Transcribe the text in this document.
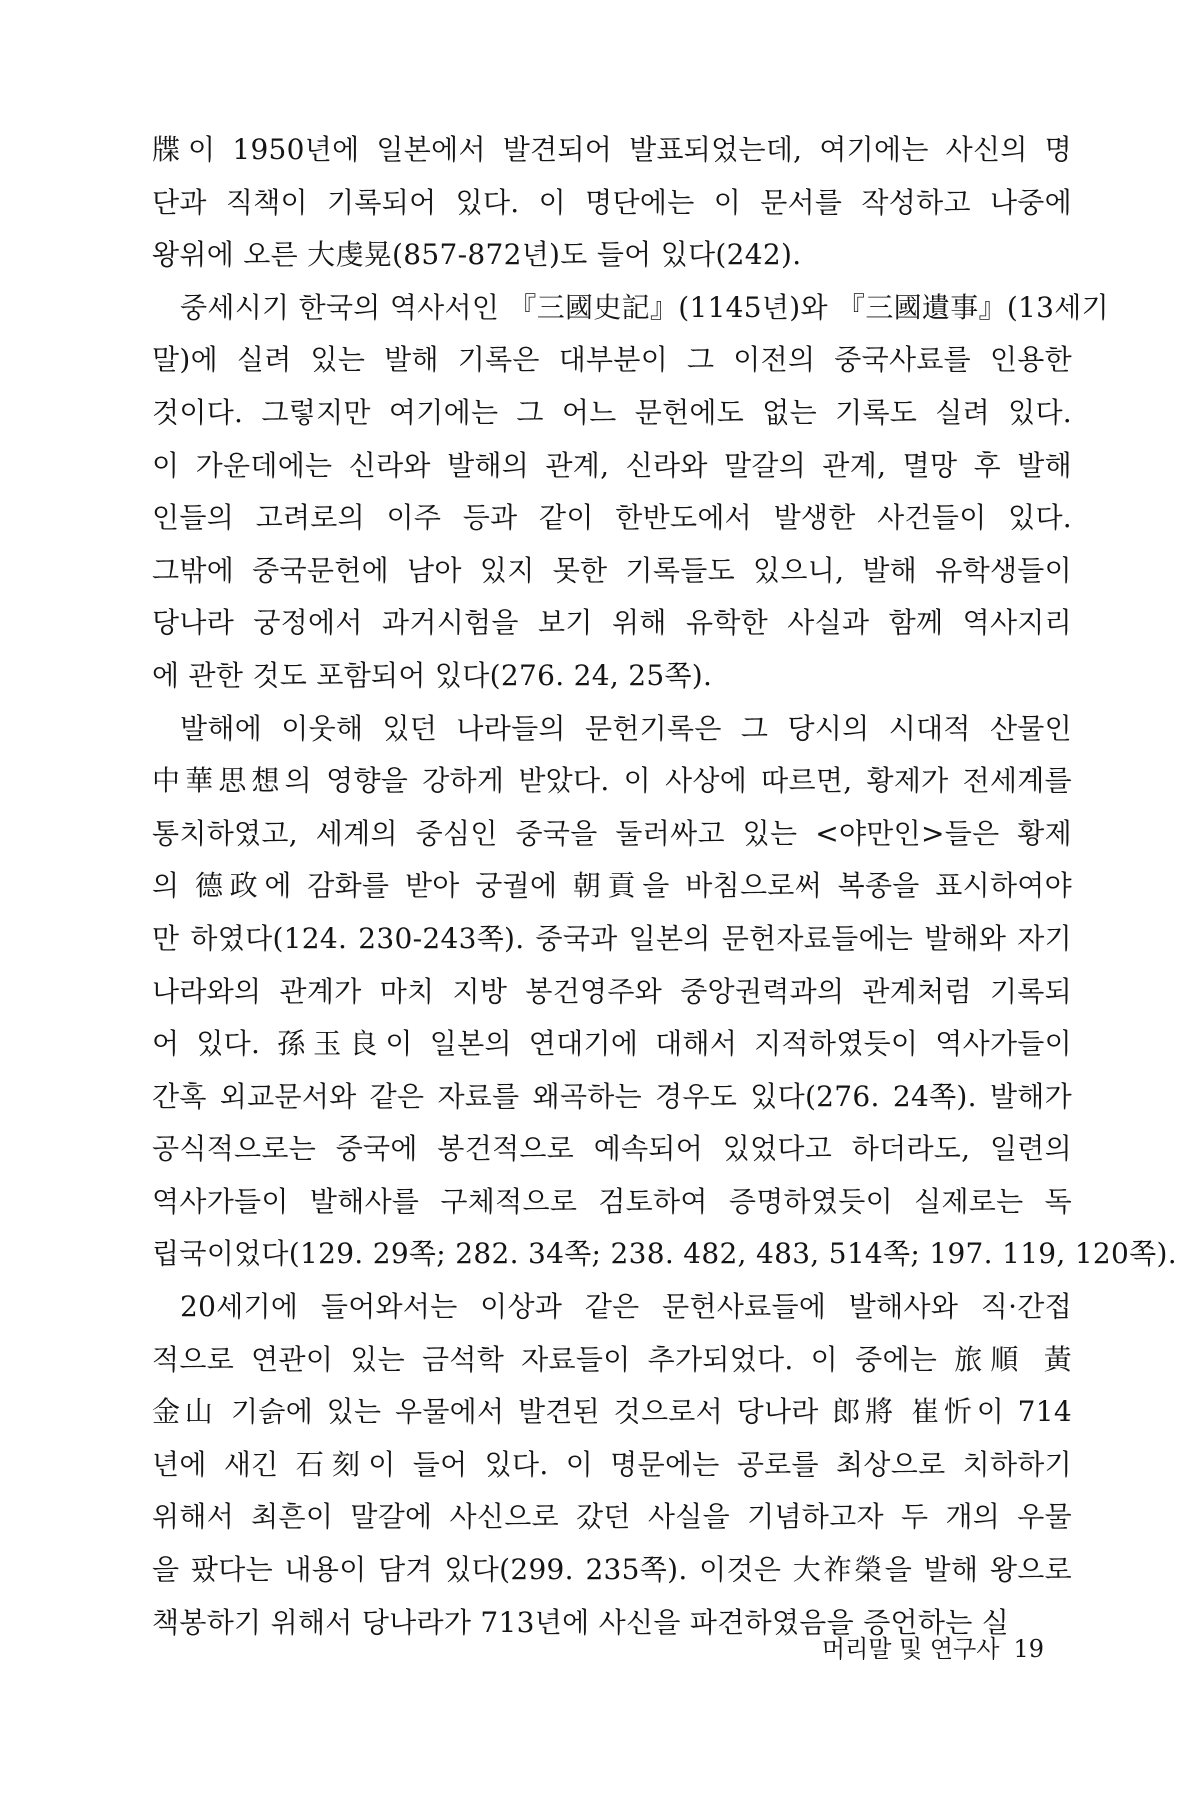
牒이 1950년에 일본에서 발견되어 발표되었는데, 여기에는 사신의 명
단과 직책이 기록되어 있다. 이 명단에는 이 문서를 작성하고 나중에
왕위에 오른 大虔晃(857-872년)도 들어 있다(242).
중세시기 한국의 역사서인 『三國史記』(1145년)와 『三國遺事』(13세기
말)에 실려 있는 발해 기록은 대부분이 그 이전의 중국사료를 인용한
것이다. 그렇지만 여기에는 그 어느 문헌에도 없는 기록도 실려 있다.
이 가운데에는 신라와 발해의 관계, 신라와 말갈의 관계, 멸망 후 발해
인들의 고려로의 이주 등과 같이 한반도에서 발생한 사건들이 있다.
그밖에 중국문헌에 남아 있지 못한 기록들도 있으니, 발해 유학생들이
당나라 궁정에서 과거시험을 보기 위해 유학한 사실과 함께 역사지리
에 관한 것도 포함되어 있다(276. 24, 25쪽).
발해에 이웃해 있던 나라들의 문헌기록은 그 당시의 시대적 산물인
中華思想의 영향을 강하게 받았다. 이 사상에 따르면, 황제가 전세계를
통치하였고, 세계의 중심인 중국을 둘러싸고 있는 <야만인>들은 황제
의 德政에 감화를 받아 궁궐에 朝貢을 바침으로써 복종을 표시하여야
만 하였다(124. 230-243쪽). 중국과 일본의 문헌자료들에는 발해와 자기
나라와의 관계가 마치 지방 봉건영주와 중앙권력과의 관계처럼 기록되
어 있다. 孫玉良이 일본의 연대기에 대해서 지적하였듯이 역사가들이
간혹 외교문서와 같은 자료를 왜곡하는 경우도 있다(276. 24쪽). 발해가
공식적으로는 중국에 봉건적으로 예속되어 있었다고 하더라도, 일련의
역사가들이 발해사를 구체적으로 검토하여 증명하였듯이 실제로는 독
립국이었다(129. 29쪽; 282. 34쪽; 238. 482, 483, 514쪽; 197. 119, 120쪽).
20세기에 들어와서는 이상과 같은 문헌사료들에 발해사와 직·간접
적으로 연관이 있는 금석학 자료들이 추가되었다. 이 중에는 旅順 黃
金山 기슭에 있는 우물에서 발견된 것으로서 당나라 郎將 崔忻이 714
년에 새긴 石刻이 들어 있다. 이 명문에는 공로를 최상으로 치하하기
위해서 최흔이 말갈에 사신으로 갔던 사실을 기념하고자 두 개의 우물
을 팠다는 내용이 담겨 있다(299. 235쪽). 이것은 大祚榮을 발해 왕으로
책봉하기 위해서 당나라가 713년에 사신을 파견하였음을 증언하는 실
머리말 및 연구사 19
